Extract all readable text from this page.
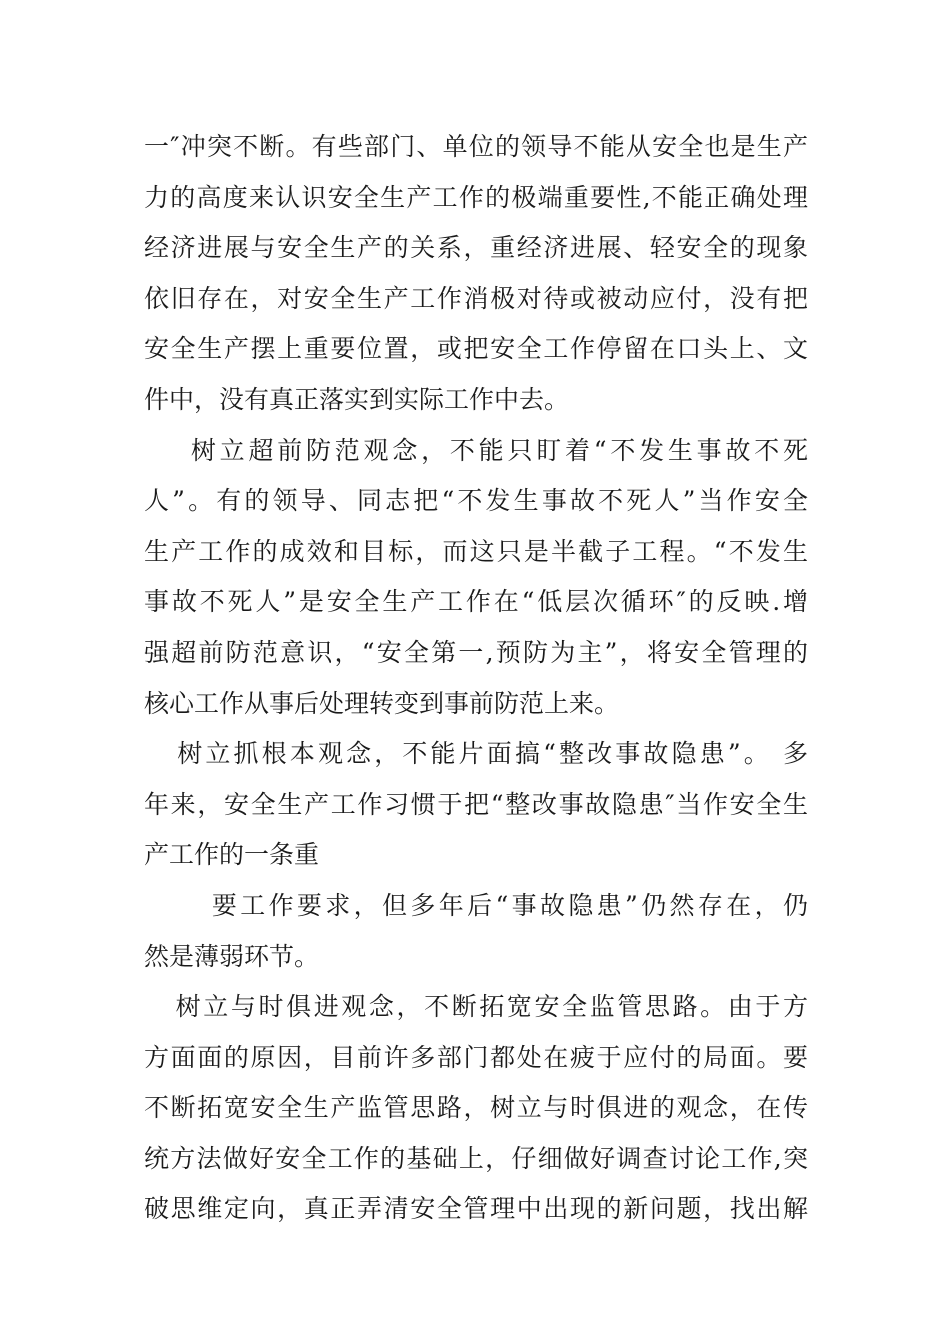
一″冲突不断。有些部门、单位的领导不能从安全也是生产
力的高度来认识安全生产工作的极端重要性,不能正确处理
经济进展与安全生产的关系，重经济进展、轻安全的现象
依旧存在，对安全生产工作消极对待或被动应付，没有把
安全生产摆上重要位置，或把安全工作停留在口头上、文
件中，没有真正落实到实际工作中去。
树立超前防范观念，不能只盯着“不发生事故不死
人”。有的领导、同志把“不发生事故不死人”当作安全
生产工作的成效和目标，而这只是半截子工程。“不发生
事故不死人”是安全生产工作在“低层次循环″的反映.增
强超前防范意识，“安全第一,预防为主”，将安全管理的
核心工作从事后处理转变到事前防范上来。
树立抓根本观念，不能片面搞“整改事故隐患”。 多
年来，安全生产工作习惯于把“整改事故隐患″当作安全生
产工作的一条重
要工作要求，但多年后“事故隐患”仍然存在，仍
然是薄弱环节。
树立与时俱进观念，不断拓宽安全监管思路。由于方
方面面的原因，目前许多部门都处在疲于应付的局面。要
不断拓宽安全生产监管思路，树立与时俱进的观念，在传
统方法做好安全工作的基础上，仔细做好调查讨论工作,突
破思维定向，真正弄清安全管理中出现的新问题，找出解
